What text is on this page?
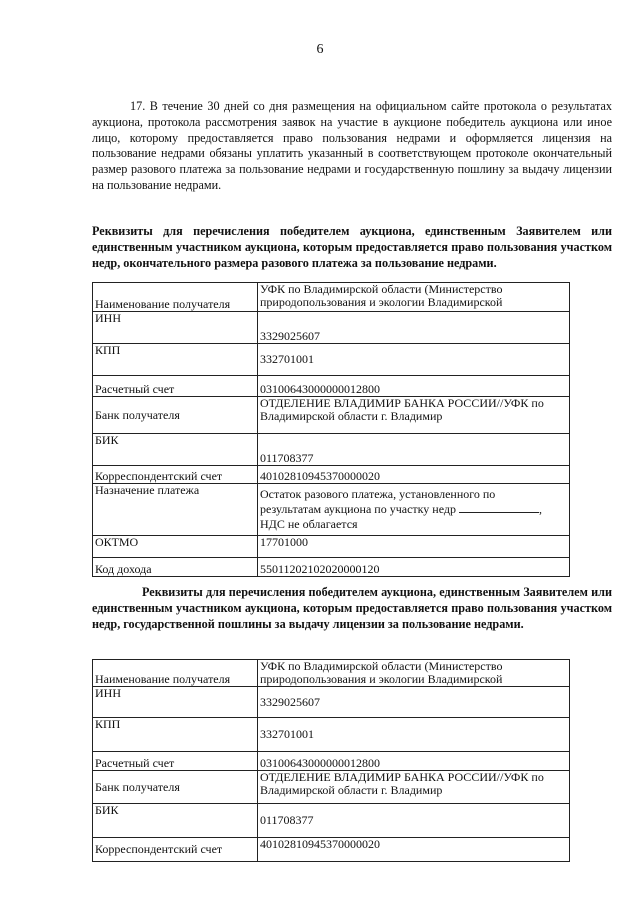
6

17. В течение 30 дней со дня размещения на официальном сайте протокола о результатах аукциона, протокола рассмотрения заявок на участие в аукционе победитель аукциона или иное лицо, которому предоставляется право пользования недрами и оформляется лицензия на пользование недрами обязаны уплатить указанный в соответствующем протоколе окончательный размер разового платежа за пользование недрами и государственную пошлину за выдачу лицензии на пользование недрами.

Реквизиты для перечисления победителем аукциона, единственным Заявителем или единственным участником аукциона, которым предоставляется право пользования участком недр, окончательного размера разового платежа за пользование недрами.

Наименование получателя	УФК по Владимирской области (Министерство природопользования и экологии Владимирской
ИНН	3329025607
КПП	332701001
Расчетный счет	03100643000000012800
Банк получателя	ОТДЕЛЕНИЕ ВЛАДИМИР БАНКА РОССИИ//УФК по Владимирской области г. Владимир
БИК	011708377
Корреспондентский счет	40102810945370000020
Назначение платежа	Остаток разового платежа, установленного по
результатам аукциона по участку недр ,
НДС не облагается

ОКТМО	17701000
Код дохода	55011202102020000120

Реквизиты для перечисления победителем аукциона, единственным Заявителем или единственным участником аукциона, которым предоставляется право пользования участком недр, государственной пошлины за выдачу лицензии за пользование недрами.

Наименование получателя	УФК по Владимирской области (Министерство природопользования и экологии Владимирской
ИНН	3329025607
КПП	332701001
Расчетный счет	03100643000000012800
Банк получателя	ОТДЕЛЕНИЕ ВЛАДИМИР БАНКА РОССИИ//УФК по Владимирской области г. Владимир
БИК	011708377
Корреспондентский счет	40102810945370000020
